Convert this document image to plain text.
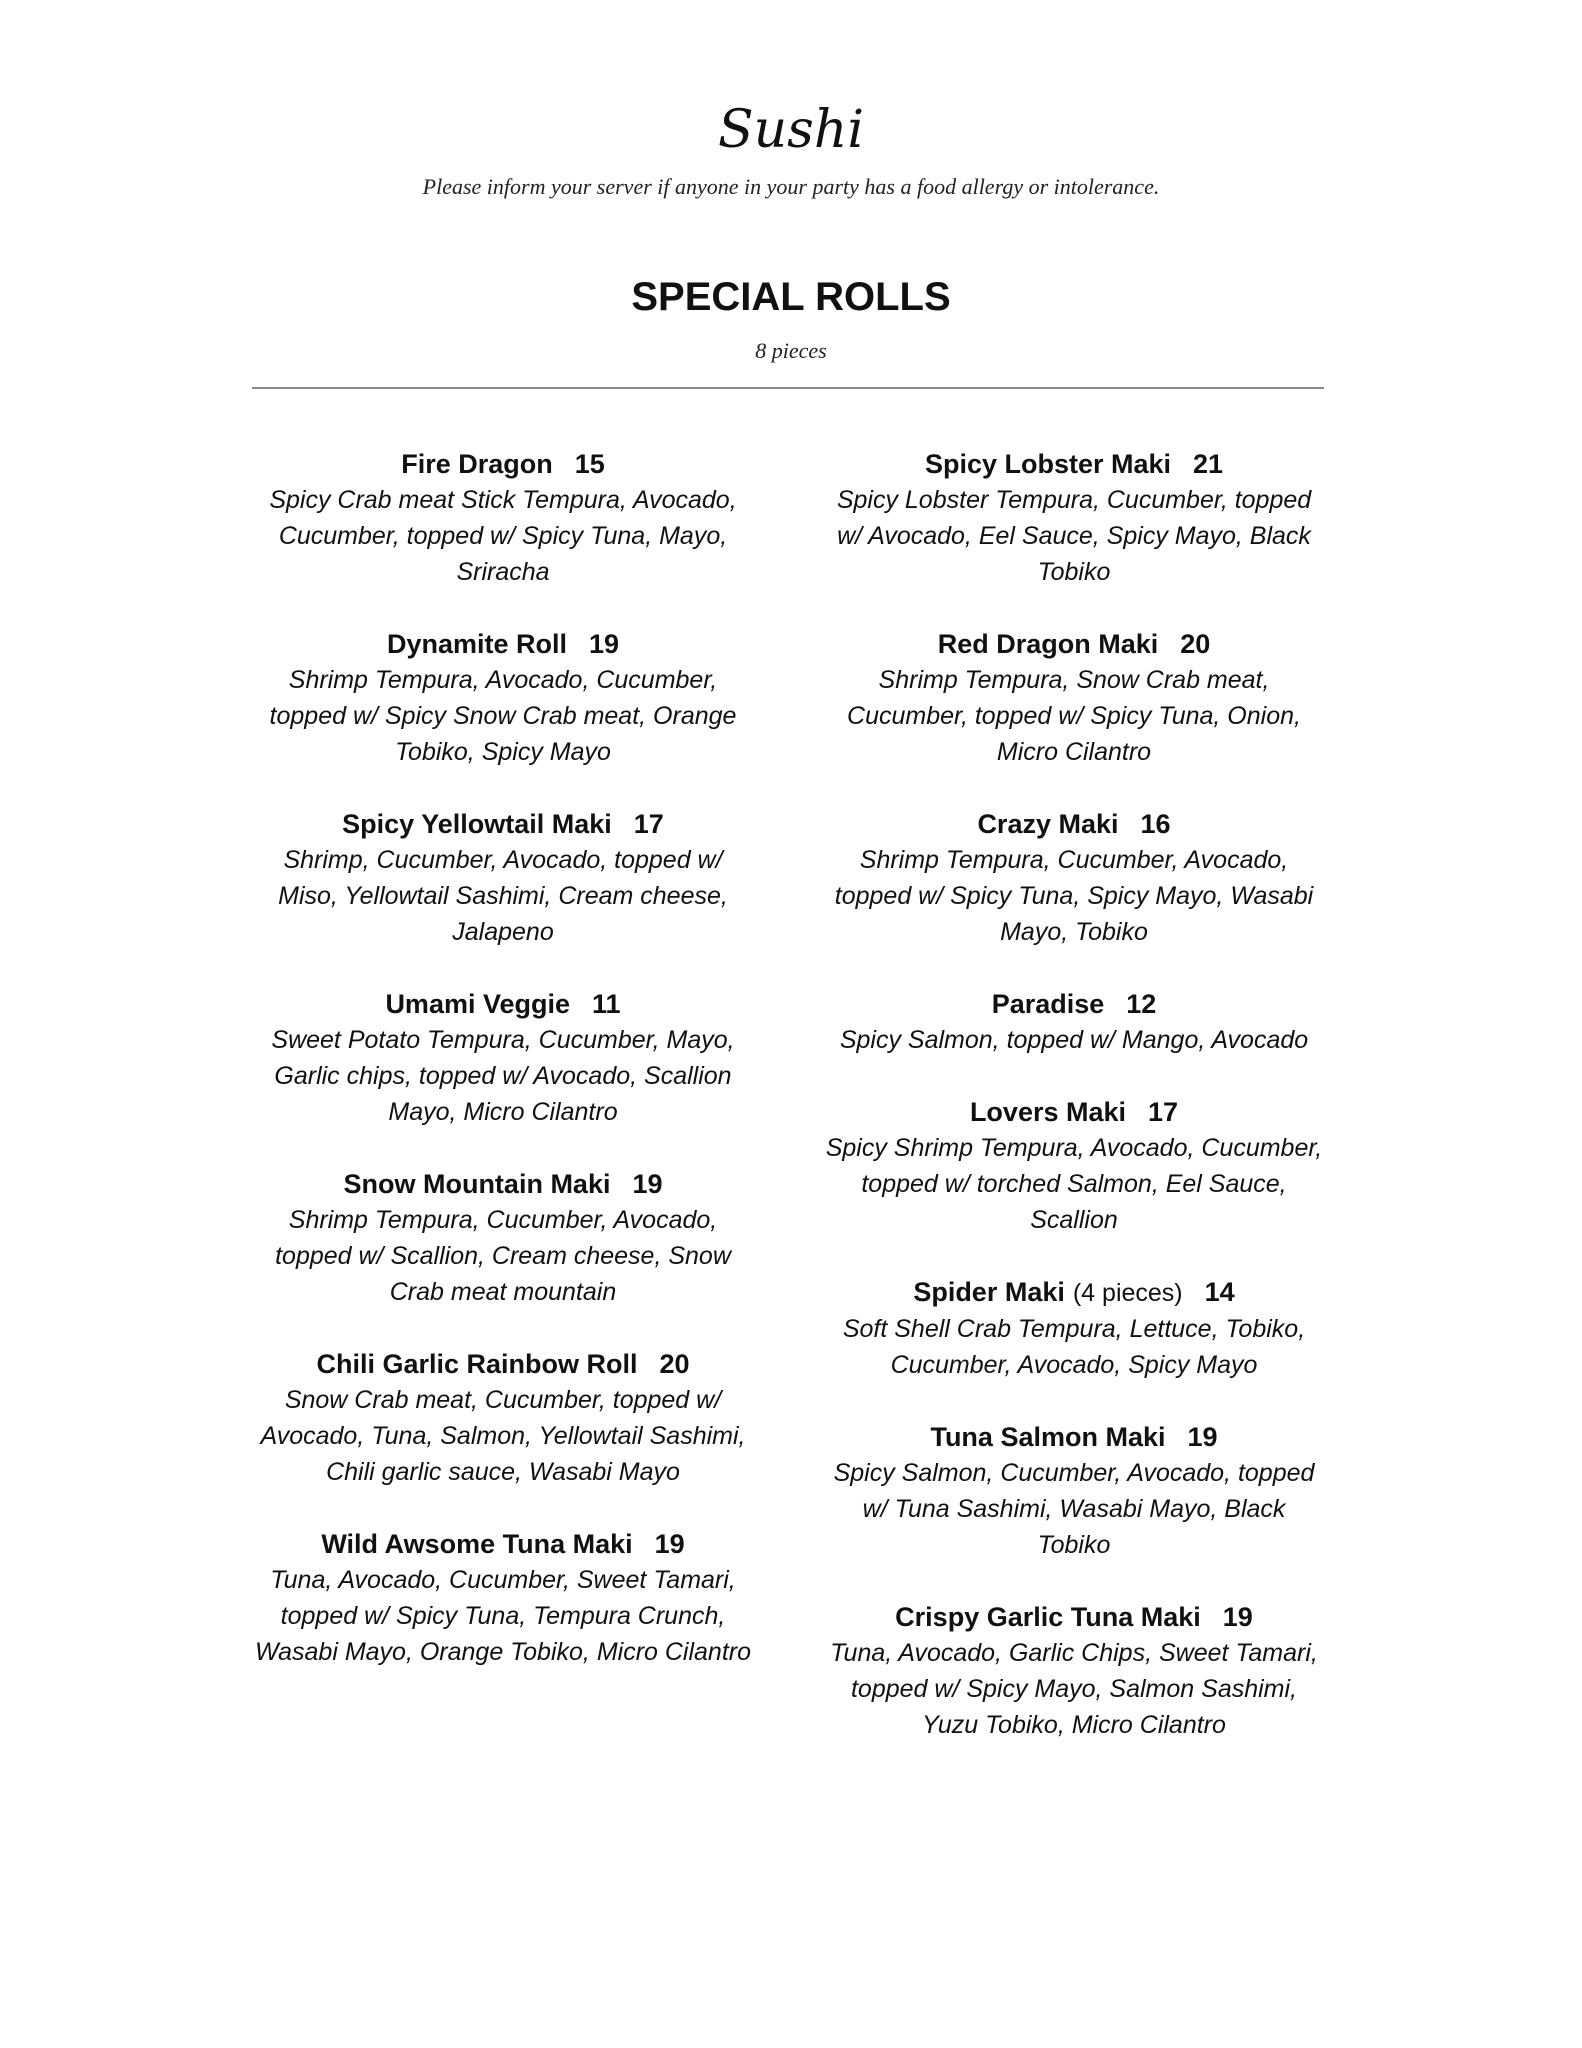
Sushi
Please inform your server if anyone in your party has a food allergy or intolerance.
SPECIAL ROLLS
8 pieces
Fire Dragon 15
Spicy Crab meat Stick Tempura, Avocado, Cucumber, topped w/ Spicy Tuna, Mayo, Sriracha
Dynamite Roll 19
Shrimp Tempura, Avocado, Cucumber, topped w/ Spicy Snow Crab meat, Orange Tobiko, Spicy Mayo
Spicy Yellowtail Maki 17
Shrimp, Cucumber, Avocado, topped w/ Miso, Yellowtail Sashimi, Cream cheese, Jalapeno
Umami Veggie 11
Sweet Potato Tempura, Cucumber, Mayo, Garlic chips, topped w/ Avocado, Scallion Mayo, Micro Cilantro
Snow Mountain Maki 19
Shrimp Tempura, Cucumber, Avocado, topped w/ Scallion, Cream cheese, Snow Crab meat mountain
Chili Garlic Rainbow Roll 20
Snow Crab meat, Cucumber, topped w/ Avocado, Tuna, Salmon, Yellowtail Sashimi, Chili garlic sauce, Wasabi Mayo
Wild Awsome Tuna Maki 19
Tuna, Avocado, Cucumber, Sweet Tamari, topped w/ Spicy Tuna, Tempura Crunch, Wasabi Mayo, Orange Tobiko, Micro Cilantro
Spicy Lobster Maki 21
Spicy Lobster Tempura, Cucumber, topped w/ Avocado, Eel Sauce, Spicy Mayo, Black Tobiko
Red Dragon Maki 20
Shrimp Tempura, Snow Crab meat, Cucumber, topped w/ Spicy Tuna, Onion, Micro Cilantro
Crazy Maki 16
Shrimp Tempura, Cucumber, Avocado, topped w/ Spicy Tuna, Spicy Mayo, Wasabi Mayo, Tobiko
Paradise 12
Spicy Salmon, topped w/ Mango, Avocado
Lovers Maki 17
Spicy Shrimp Tempura, Avocado, Cucumber, topped w/ torched Salmon, Eel Sauce, Scallion
Spider Maki (4 pieces) 14
Soft Shell Crab Tempura, Lettuce, Tobiko, Cucumber, Avocado, Spicy Mayo
Tuna Salmon Maki 19
Spicy Salmon, Cucumber, Avocado, topped w/ Tuna Sashimi, Wasabi Mayo, Black Tobiko
Crispy Garlic Tuna Maki 19
Tuna, Avocado, Garlic Chips, Sweet Tamari, topped w/ Spicy Mayo, Salmon Sashimi, Yuzu Tobiko, Micro Cilantro
